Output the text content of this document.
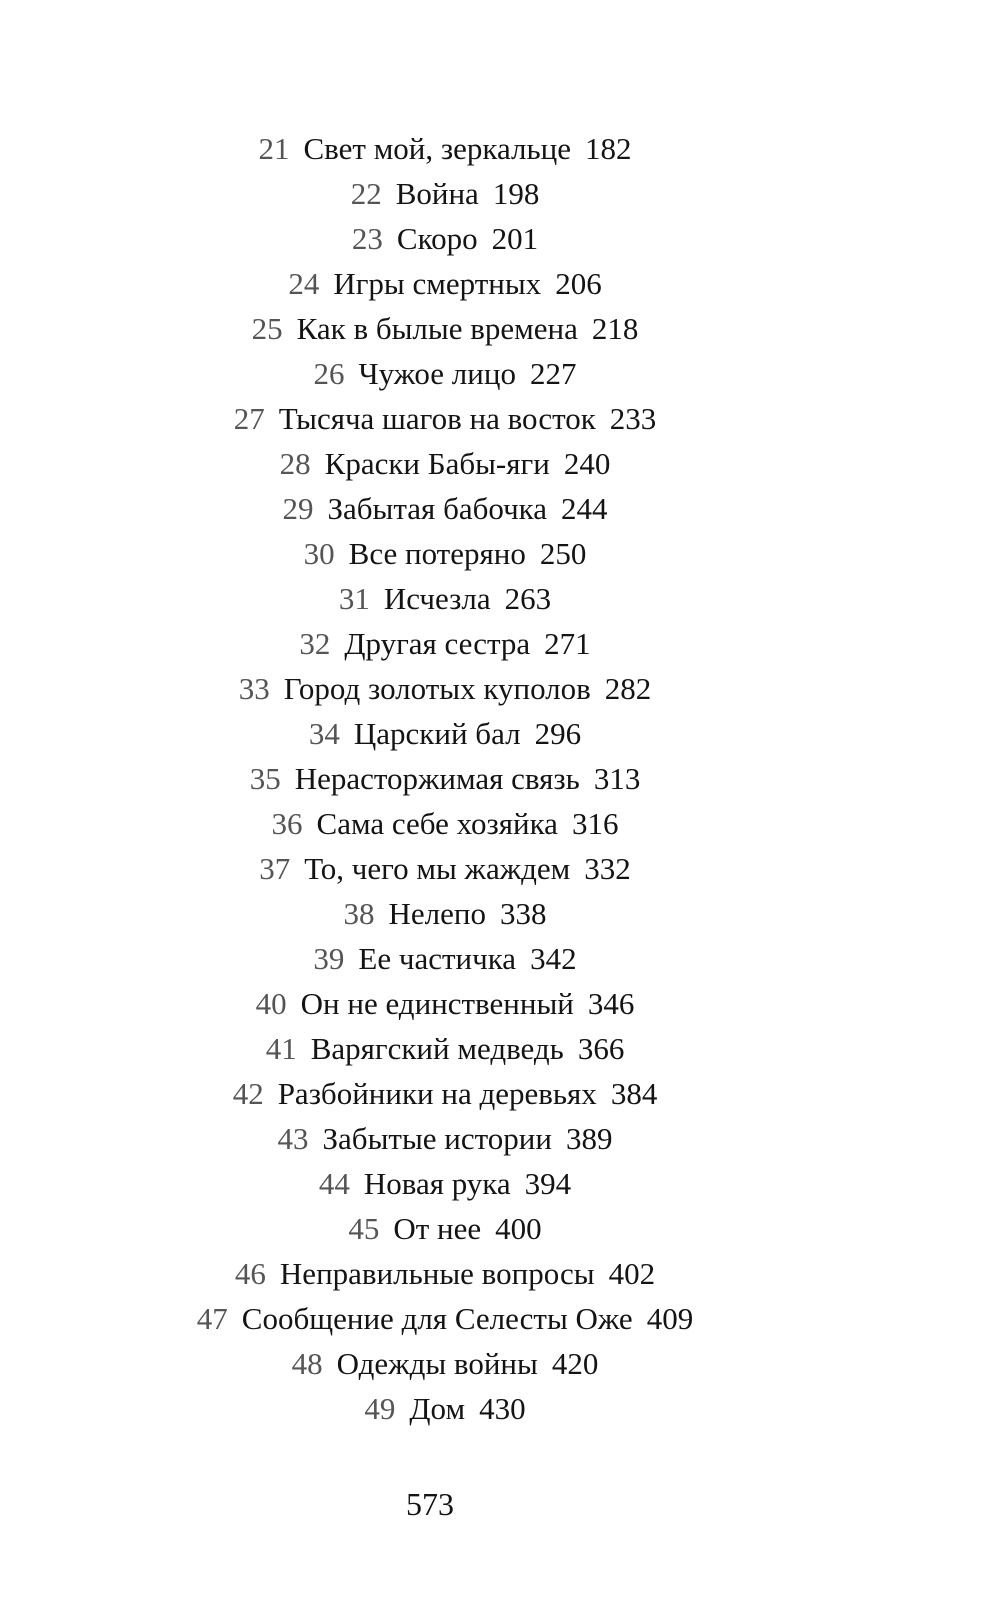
21 Свет мой, зеркальце 182
22 Война 198
23 Скоро 201
24 Игры смертных 206
25 Как в былые времена 218
26 Чужое лицо 227
27 Тысяча шагов на восток 233
28 Краски Бабы-яги 240
29 Забытая бабочка 244
30 Все потеряно 250
31 Исчезла 263
32 Другая сестра 271
33 Город золотых куполов 282
34 Царский бал 296
35 Нерасторжимая связь 313
36 Сама себе хозяйка 316
37 То, чего мы жаждем 332
38 Нелепо 338
39 Ее частичка 342
40 Он не единственный 346
41 Варягский медведь 366
42 Разбойники на деревьях 384
43 Забытые истории 389
44 Новая рука 394
45 От нее 400
46 Неправильные вопросы 402
47 Сообщение для Селесты Оже 409
48 Одежды войны 420
49 Дом 430
573
